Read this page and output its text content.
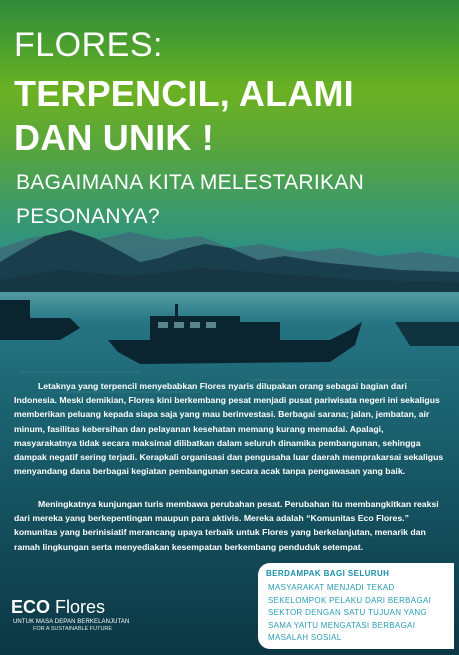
FLORES:
TERPENCIL, ALAMI
DAN UNIK !
BAGAIMANA KITA MELESTARIKAN
PESONANYA?

Letaknya yang terpencil menyebabkan Flores nyaris dilupakan orang sebagai bagian dari Indonesia. Meski demikian, Flores kini berkembang pesat menjadi pusat pariwisata negeri ini sekaligus memberikan peluang kepada siapa saja yang mau berinvestasi. Berbagai sarana; jalan, jembatan, air minum, fasilitas kebersihan dan pelayanan kesehatan memang kurang memadai. Apalagi, masyarakatnya tidak secara maksimal dilibatkan dalam seluruh dinamika pembangunan, sehingga dampak negatif sering terjadi. Kerapkali organisasi dan pengusaha luar daerah memprakarsai sekaligus menyandang dana berbagai kegiatan pembangunan secara acak tanpa pengawasan yang baik.

Meningkatnya kunjungan turis membawa perubahan pesat. Perubahan itu membangkitkan reaksi dari mereka yang berkepentingan maupun para aktivis. Mereka adalah “Komunitas Eco Flores.” komunitas yang berinisiatif merancang upaya terbaik untuk Flores yang berkelanjutan, menarik dan ramah lingkungan serta menyediakan kesempatan berkembang penduduk setempat.

BERDAMPAK BAGI SELURUH
MASYARAKAT MENJADI TEKAD SEKELOMPOK PELAKU DARI BERBAGAI SEKTOR DENGAN SATU TUJUAN YANG SAMA YAITU MENGATASI BERBAGAI MASALAH SOSIAL
ECO Flores
UNTUK MASA DEPAN BERKELANJUTAN
FOR A SUSTAINABLE FUTURE
